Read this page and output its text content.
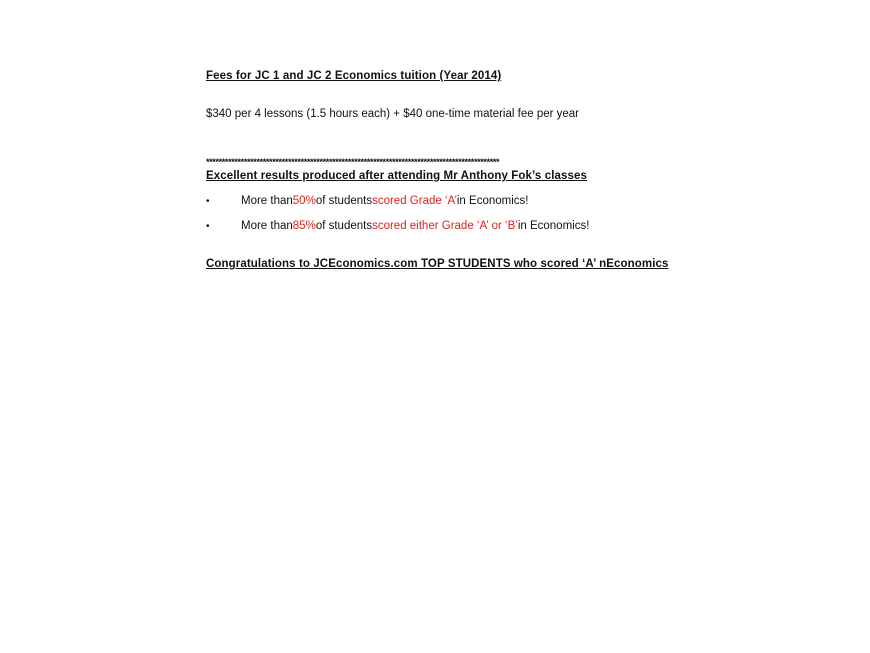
Fees for JC 1 and JC 2 Economics tuition (Year 2014)
$340 per 4 lessons (1.5 hours each) + $40 one-time material fee per year
*********************************************************************************************
Excellent results produced after attending Mr Anthony Fok’s classes
•	More than 50% of students scored Grade ‘A’ in Economics!
•	More than 85% of students scored either Grade ‘A’ or ‘B’ in Economics!
Congratulations to JCEconomics.com TOP STUDENTS who scored ‘A’ nEconomics
